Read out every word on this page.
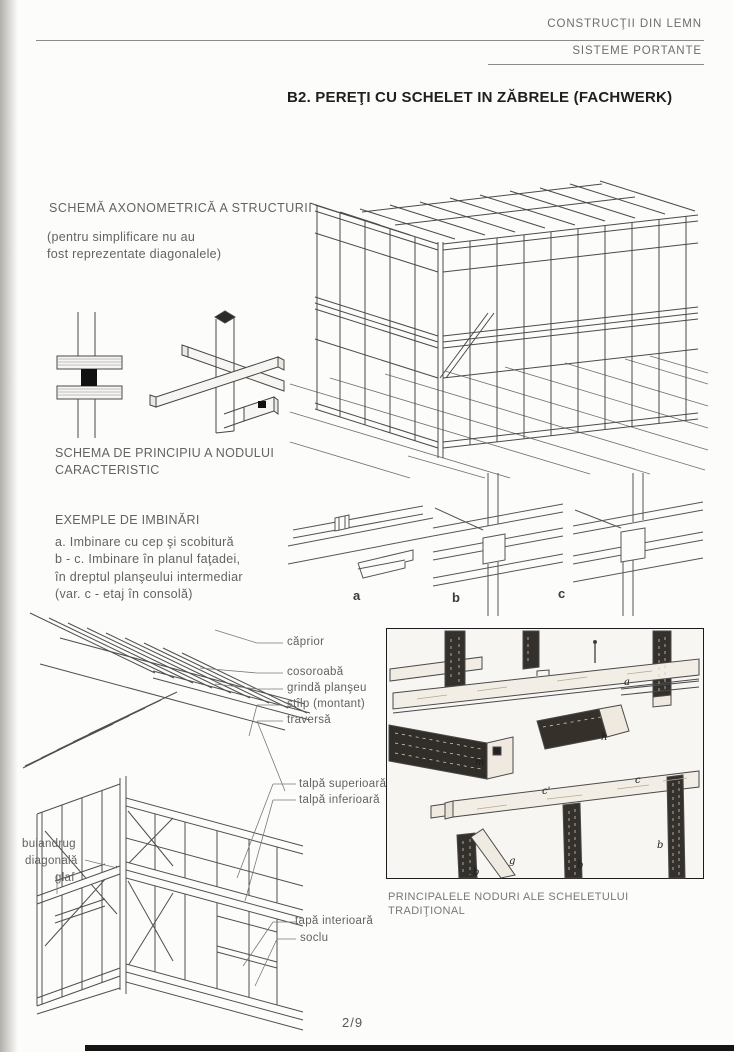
CONSTRUCŢII DIN LEMN
SISTEME PORTANTE
B2. PEREŢI CU SCHELET IN ZĂBRELE (FACHWERK)
SCHEMĂ AXONOMETRICĂ A STRUCTURII
(pentru simplificare nu au
fost reprezentate diagonalele)
SCHEMA DE PRINCIPIU A NODULUI
CARACTERISTIC
EXEMPLE DE IMBINĂRI
a. Imbinare cu cep şi scobitură
b - c. Imbinare în planul faţadei,
în dreptul planşeului intermediar
(var. c - etaj în consolă)	a	b	c
căprior
cosoroabă
grindă planşeu
stîlp (montant)
traversă
talpă superioară
talpă inferioară
tapă interioară
soclu
buiandrug
diagonală
glaf
a
h
m
c'
c
g	b
b
b
PRINCIPALELE NODURI ALE SCHELETULUI
TRADIŢIONAL
2/9
